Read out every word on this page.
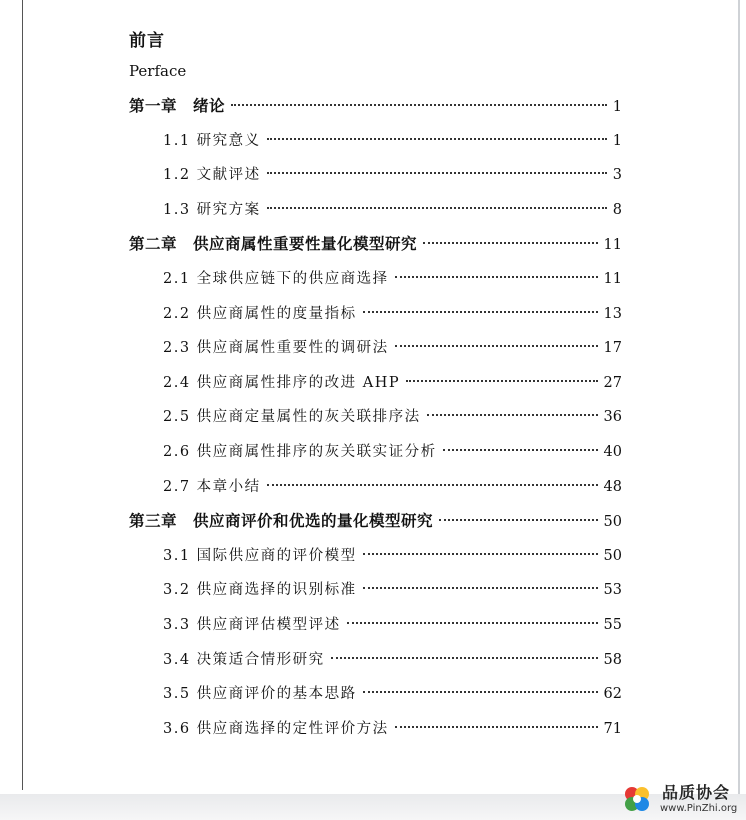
前言
Perface
第一章　绪论	1
1.1 研究意义	1
1.2 文献评述	3
1.3 研究方案	8
第二章　供应商属性重要性量化模型研究	11
2.1 全球供应链下的供应商选择	11
2.2 供应商属性的度量指标	13
2.3 供应商属性重要性的调研法	17
2.4 供应商属性排序的改进 AHP	27
2.5 供应商定量属性的灰关联排序法	36
2.6 供应商属性排序的灰关联实证分析	40
2.7 本章小结	48
第三章　供应商评价和优选的量化模型研究	50
3.1 国际供应商的评价模型	50
3.2 供应商选择的识别标准	53
3.3 供应商评估模型评述	55
3.4 决策适合情形研究	58
3.5 供应商评价的基本思路	62
3.6 供应商选择的定性评价方法	71
品质协会
www.PinZhi.org
